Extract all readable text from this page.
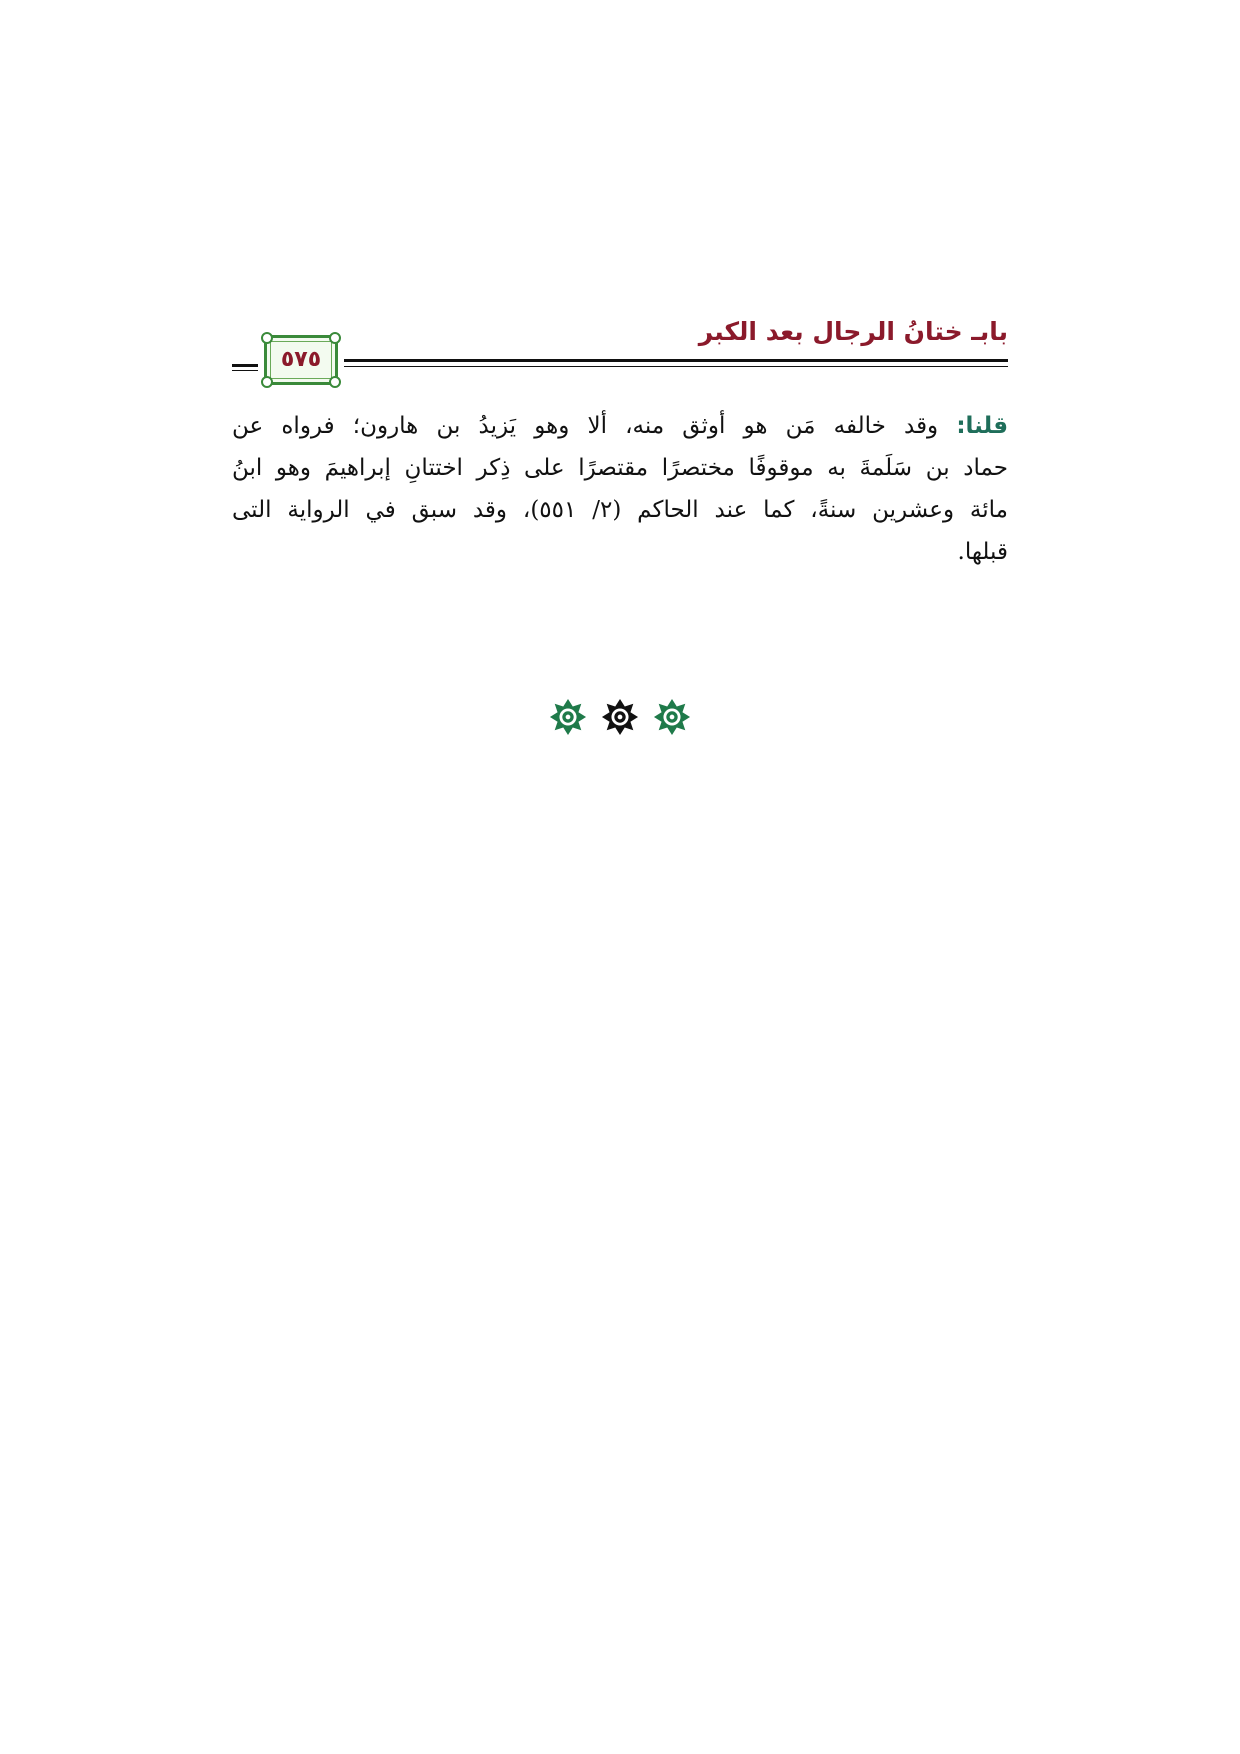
بابـ ختانُ الرجال بعد الكبر
٥٧٥
قلنا: وقد خالفه مَن هو أوثق منه، ألا وهو يَزيدُ بن هارون؛ فرواه عن
حماد بن سَلَمةَ به موقوفًا مختصرًا مقتصرًا على ذِكر اختتانِ إبراهيمَ وهو ابنُ
مائة وعشرين سنةً، كما عند الحاكم (٢/ ٥٥١)، وقد سبق في الرواية التى
قبلها.
